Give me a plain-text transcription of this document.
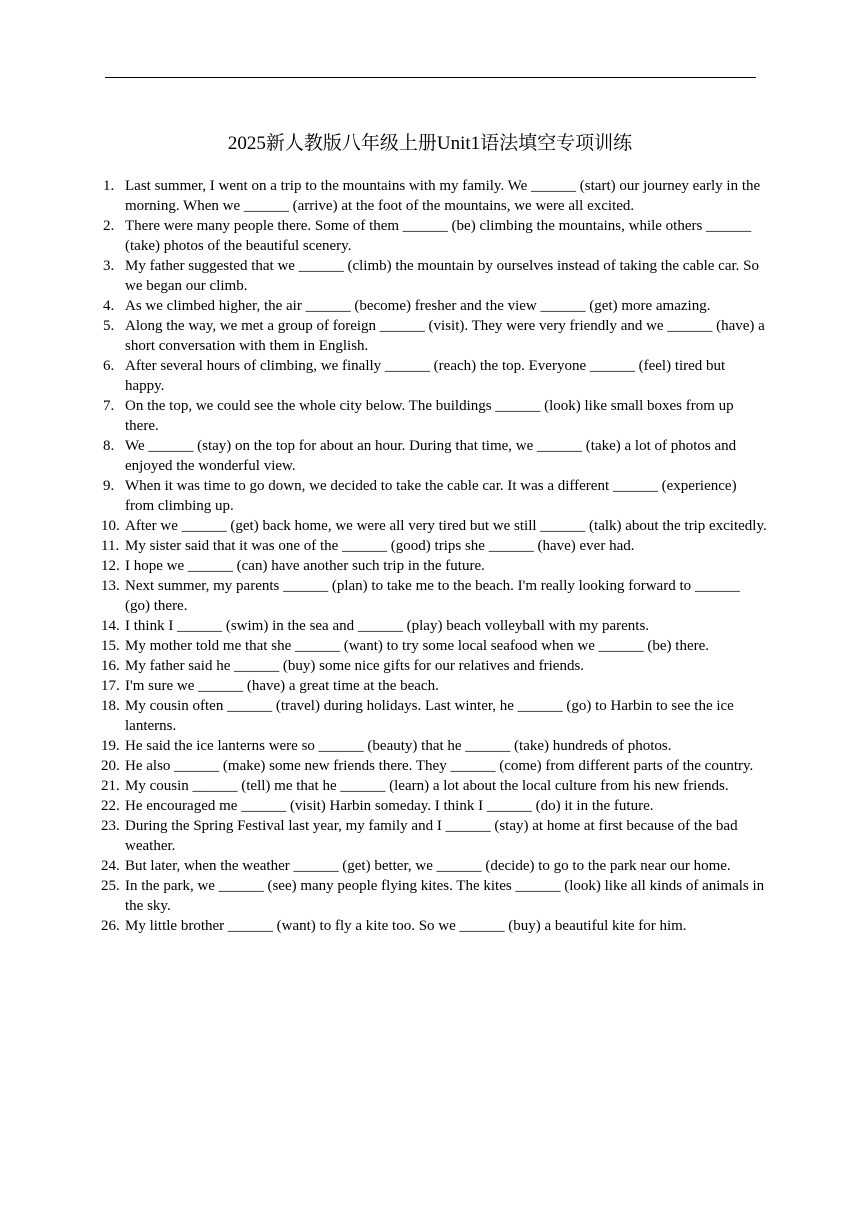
2025新人教版八年级上册Unit1语法填空专项训练
1. Last summer, I went on a trip to the mountains with my family. We ______ (start) our journey early in the morning. When we ______ (arrive) at the foot of the mountains, we were all excited.
2. There were many people there. Some of them ______ (be) climbing the mountains, while others ______ (take) photos of the beautiful scenery.
3. My father suggested that we ______ (climb) the mountain by ourselves instead of taking the cable car. So we began our climb.
4. As we climbed higher, the air ______ (become) fresher and the view ______ (get) more amazing.
5. Along the way, we met a group of foreign ______ (visit). They were very friendly and we ______ (have) a short conversation with them in English.
6. After several hours of climbing, we finally ______ (reach) the top. Everyone ______ (feel) tired but happy.
7. On the top, we could see the whole city below. The buildings ______ (look) like small boxes from up there.
8. We ______ (stay) on the top for about an hour. During that time, we ______ (take) a lot of photos and enjoyed the wonderful view.
9. When it was time to go down, we decided to take the cable car. It was a different ______ (experience) from climbing up.
10. After we ______ (get) back home, we were all very tired but we still ______ (talk) about the trip excitedly.
11. My sister said that it was one of the ______ (good) trips she ______ (have) ever had.
12. I hope we ______ (can) have another such trip in the future.
13. Next summer, my parents ______ (plan) to take me to the beach. I'm really looking forward to ______ (go) there.
14. I think I ______ (swim) in the sea and ______ (play) beach volleyball with my parents.
15. My mother told me that she ______ (want) to try some local seafood when we ______ (be) there.
16. My father said he ______ (buy) some nice gifts for our relatives and friends.
17. I'm sure we ______ (have) a great time at the beach.
18. My cousin often ______ (travel) during holidays. Last winter, he ______ (go) to Harbin to see the ice lanterns.
19. He said the ice lanterns were so ______ (beauty) that he ______ (take) hundreds of photos.
20. He also ______ (make) some new friends there. They ______ (come) from different parts of the country.
21. My cousin ______ (tell) me that he ______ (learn) a lot about the local culture from his new friends.
22. He encouraged me ______ (visit) Harbin someday. I think I ______ (do) it in the future.
23. During the Spring Festival last year, my family and I ______ (stay) at home at first because of the bad weather.
24. But later, when the weather ______ (get) better, we ______ (decide) to go to the park near our home.
25. In the park, we ______ (see) many people flying kites. The kites ______ (look) like all kinds of animals in the sky.
26. My little brother ______ (want) to fly a kite too. So we ______ (buy) a beautiful kite for him.
